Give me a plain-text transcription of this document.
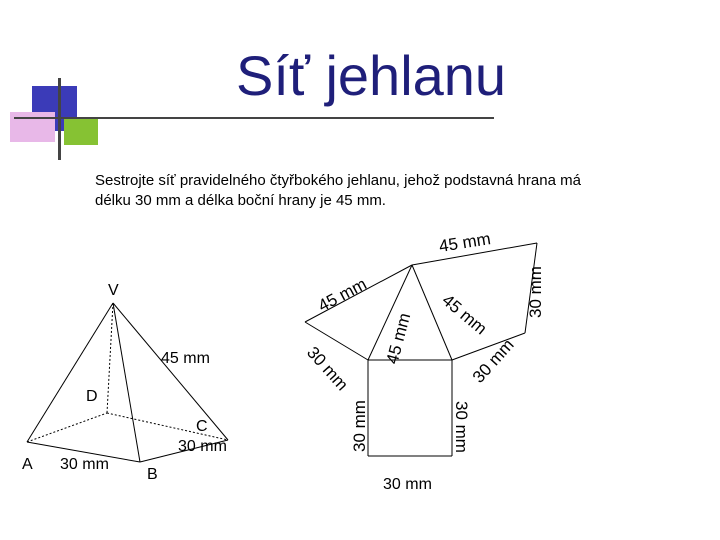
Síť jehlanu
Sestrojte síť pravidelného čtyřbokého jehlanu, jehož podstavná hrana má délku 30 mm a délka boční hrany je 45 mm.
V
A
B
C
D
30 mm
45 mm
30 mm
45 mm
30 mm
45 mm
45 mm 45 mm
30 mm	30 mm
30 mm	30 mm
30 mm
